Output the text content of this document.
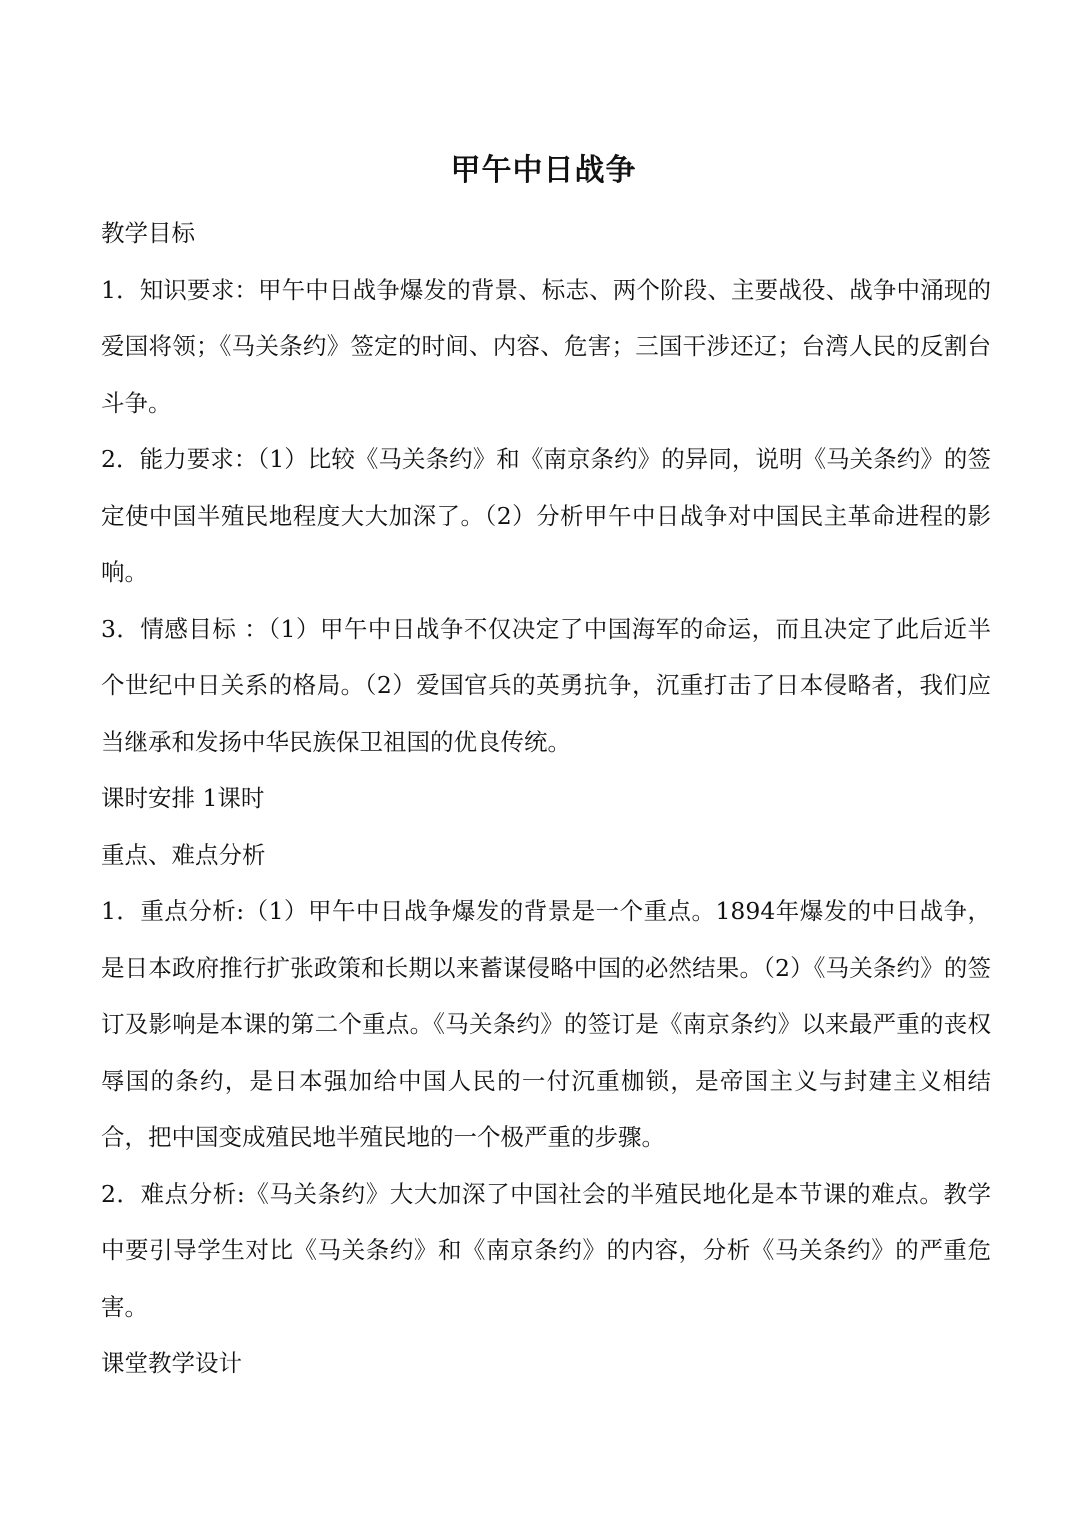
甲午中日战争

教学目标

1．知识要求：甲午中日战争爆发的背景、标志、两个阶段、主要战役、战争中涌现的爱国将领；《马关条约》签定的时间、内容、危害；三国干涉还辽；台湾人民的反割台斗争。

2．能力要求：（1）比较《马关条约》和《南京条约》的异同，说明《马关条约》的签定使中国半殖民地程度大大加深了。（2）分析甲午中日战争对中国民主革命进程的影响。

3．情感目标 ：（1）甲午中日战争不仅决定了中国海军的命运，而且决定了此后近半个世纪中日关系的格局。（2）爱国官兵的英勇抗争，沉重打击了日本侵略者，我们应当继承和发扬中华民族保卫祖国的优良传统。

课时安排 1课时

重点、难点分析

1．重点分析:（1）甲午中日战争爆发的背景是一个重点。1894年爆发的中日战争，是日本政府推行扩张政策和长期以来蓄谋侵略中国的必然结果。（2）《马关条约》的签订及影响是本课的第二个重点。《马关条约》的签订是《南京条约》以来最严重的丧权辱国的条约，是日本强加给中国人民的一付沉重枷锁，是帝国主义与封建主义相结合，把中国变成殖民地半殖民地的一个极严重的步骤。

2．难点分析:《马关条约》大大加深了中国社会的半殖民地化是本节课的难点。教学中要引导学生对比《马关条约》和《南京条约》的内容，分析《马关条约》的严重危害。

课堂教学设计
